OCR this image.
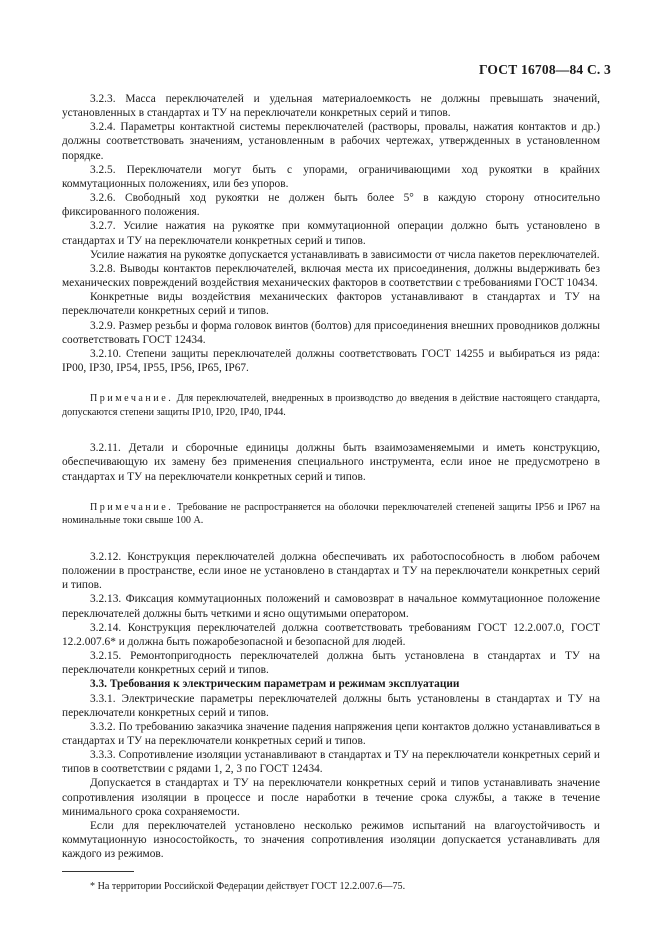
ГОСТ 16708—84 С. 3

3.2.3. Масса переключателей и удельная материалоемкость не должны превышать значений, установленных в стандартах и ТУ на переключатели конкретных серий и типов.

3.2.4. Параметры контактной системы переключателей (растворы, провалы, нажатия контактов и др.) должны соответствовать значениям, установленным в рабочих чертежах, утвержденных в установленном порядке.

3.2.5. Переключатели могут быть с упорами, ограничивающими ход рукоятки в крайних коммутационных положениях, или без упоров.

3.2.6. Свободный ход рукоятки не должен быть более 5° в каждую сторону относительно фиксированного положения.

3.2.7. Усилие нажатия на рукоятке при коммутационной операции должно быть установлено в стандартах и ТУ на переключатели конкретных серий и типов.

Усилие нажатия на рукоятке допускается устанавливать в зависимости от числа пакетов переключателей.

3.2.8. Выводы контактов переключателей, включая места их присоединения, должны выдерживать без механических повреждений воздействия механических факторов в соответствии с требованиями ГОСТ 10434.

Конкретные виды воздействия механических факторов устанавливают в стандартах и ТУ на переключатели конкретных серий и типов.

3.2.9. Размер резьбы и форма головок винтов (болтов) для присоединения внешних проводников должны соответствовать ГОСТ 12434.

3.2.10. Степени защиты переключателей должны соответствовать ГОСТ 14255 и выбираться из ряда: IP00, IP30, IP54, IP55, IP56, IP65, IP67.

Примечание. Для переключателей, внедренных в производство до введения в действие настоящего стандарта, допускаются степени защиты IP10, IP20, IP40, IP44.

3.2.11. Детали и сборочные единицы должны быть взаимозаменяемыми и иметь конструкцию, обеспечивающую их замену без применения специального инструмента, если иное не предусмотрено в стандартах и ТУ на переключатели конкретных серий и типов.

Примечание. Требование не распространяется на оболочки переключателей степеней защиты IP56 и IP67 на номинальные токи свыше 100 А.

3.2.12. Конструкция переключателей должна обеспечивать их работоспособность в любом рабочем положении в пространстве, если иное не установлено в стандартах и ТУ на переключатели конкретных серий и типов.

3.2.13. Фиксация коммутационных положений и самовозврат в начальное коммутационное положение переключателей должны быть четкими и ясно ощутимыми оператором.

3.2.14. Конструкция переключателей должна соответствовать требованиям ГОСТ 12.2.007.0, ГОСТ 12.2.007.6* и должна быть пожаробезопасной и безопасной для людей.

3.2.15. Ремонтопригодность переключателей должна быть установлена в стандартах и ТУ на переключатели конкретных серий и типов.

3.3. Требования к электрическим параметрам и режимам эксплуатации

3.3.1. Электрические параметры переключателей должны быть установлены в стандартах и ТУ на переключатели конкретных серий и типов.

3.3.2. По требованию заказчика значение падения напряжения цепи контактов должно устанавливаться в стандартах и ТУ на переключатели конкретных серий и типов.

3.3.3. Сопротивление изоляции устанавливают в стандартах и ТУ на переключатели конкретных серий и типов в соответствии с рядами 1, 2, 3 по ГОСТ 12434.

Допускается в стандартах и ТУ на переключатели конкретных серий и типов устанавливать значение сопротивления изоляции в процессе и после наработки в течение срока службы, а также в течение минимального срока сохраняемости.

Если для переключателей установлено несколько режимов испытаний на влагоустойчивость и коммутационную износостойкость, то значения сопротивления изоляции допускается устанавливать для каждого из режимов.

* На территории Российской Федерации действует ГОСТ 12.2.007.6—75.
